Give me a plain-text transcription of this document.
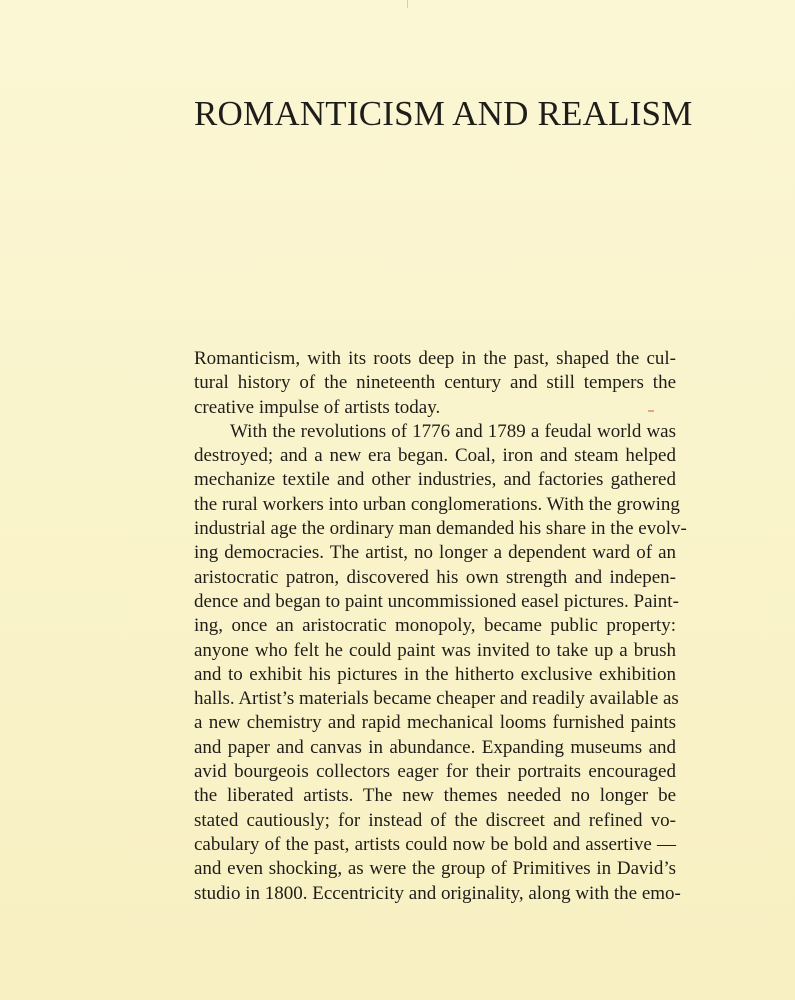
ROMANTICISM AND REALISM
Romanticism, with its roots deep in the past, shaped the cul-
tural history of the nineteenth century and still tempers the
creative impulse of artists today.
With the revolutions of 1776 and 1789 a feudal world was
destroyed; and a new era began. Coal, iron and steam helped
mechanize textile and other industries, and factories gathered
the rural workers into urban conglomerations. With the growing
industrial age the ordinary man demanded his share in the evolv-
ing democracies. The artist, no longer a dependent ward of an
aristocratic patron, discovered his own strength and indepen-
dence and began to paint uncommissioned easel pictures. Paint-
ing, once an aristocratic monopoly, became public property:
anyone who felt he could paint was invited to take up a brush
and to exhibit his pictures in the hitherto exclusive exhibition
halls. Artist’s materials became cheaper and readily available as
a new chemistry and rapid mechanical looms furnished paints
and paper and canvas in abundance. Expanding museums and
avid bourgeois collectors eager for their portraits encouraged
the liberated artists. The new themes needed no longer be
stated cautiously; for instead of the discreet and refined vo-
cabulary of the past, artists could now be bold and assertive —
and even shocking, as were the group of Primitives in David’s
studio in 1800. Eccentricity and originality, along with the emo-
